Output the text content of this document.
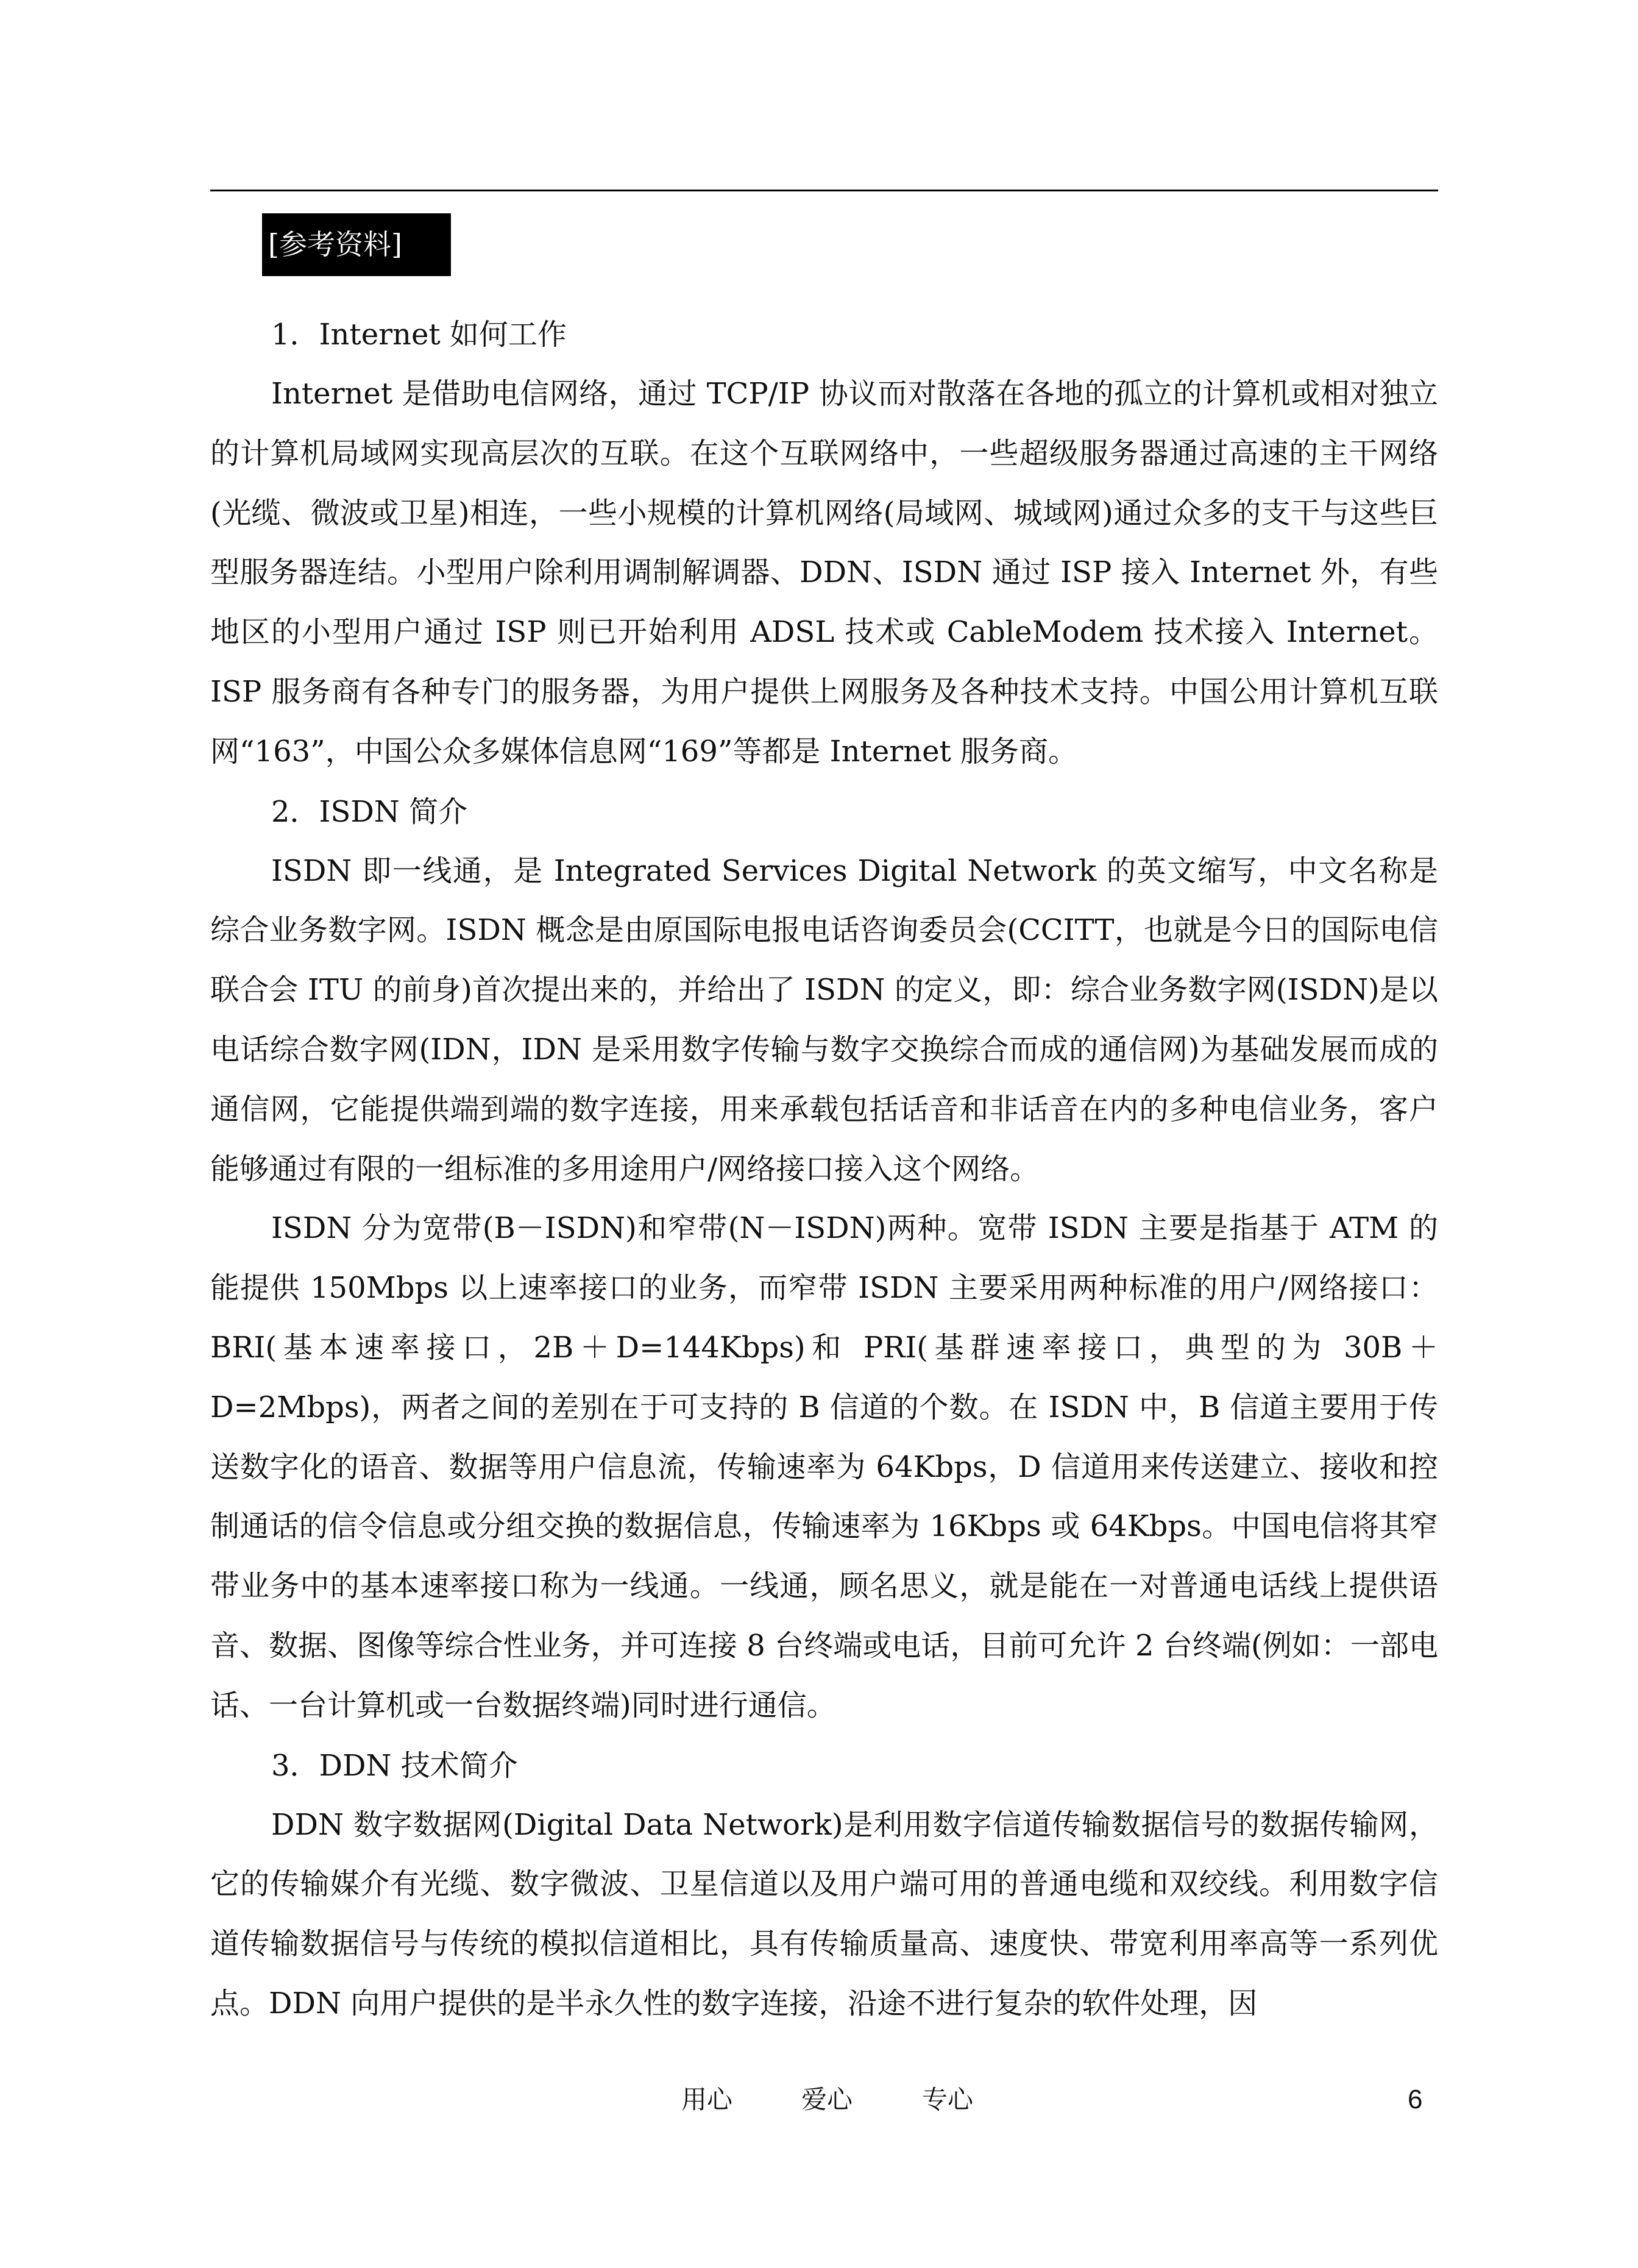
[参考资料]

1．Internet 如何工作

Internet 是借助电信网络，通过 TCP/IP 协议而对散落在各地的孤立的计算机或相对独立的计算机局域网实现高层次的互联。在这个互联网络中，一些超级服务器通过高速的主干网络(光缆、微波或卫星)相连，一些小规模的计算机网络(局域网、城域网)通过众多的支干与这些巨型服务器连结。小型用户除利用调制解调器、DDN、ISDN 通过 ISP 接入 Internet 外，有些地区的小型用户通过 ISP 则已开始利用 ADSL 技术或 CableModem 技术接入 Internet。ISP 服务商有各种专门的服务器，为用户提供上网服务及各种技术支持。中国公用计算机互联网“163”，中国公众多媒体信息网“169”等都是 Internet 服务商。

2．ISDN 简介

ISDN 即一线通，是 Integrated Services Digital Network 的英文缩写，中文名称是综合业务数字网。ISDN 概念是由原国际电报电话咨询委员会(CCITT，也就是今日的国际电信联合会 ITU 的前身)首次提出来的，并给出了 ISDN 的定义，即：综合业务数字网(ISDN)是以电话综合数字网(IDN，IDN 是采用数字传输与数字交换综合而成的通信网)为基础发展而成的通信网，它能提供端到端的数字连接，用来承载包括话音和非话音在内的多种电信业务，客户能够通过有限的一组标准的多用途用户/网络接口接入这个网络。

ISDN 分为宽带(B－ISDN)和窄带(N－ISDN)两种。宽带 ISDN 主要是指基于 ATM 的能提供 150Mbps 以上速率接口的业务，而窄带 ISDN 主要采用两种标准的用户/网络接口：BRI(基本速率接口，2B＋D=144Kbps)和 PRI(基群速率接口，典型的为 30B＋D=2Mbps)，两者之间的差别在于可支持的 B 信道的个数。在 ISDN 中，B 信道主要用于传送数字化的语音、数据等用户信息流，传输速率为 64Kbps，D 信道用来传送建立、接收和控制通话的信令信息或分组交换的数据信息，传输速率为 16Kbps 或 64Kbps。中国电信将其窄带业务中的基本速率接口称为一线通。一线通，顾名思义，就是能在一对普通电话线上提供语音、数据、图像等综合性业务，并可连接 8 台终端或电话，目前可允许 2 台终端(例如：一部电话、一台计算机或一台数据终端)同时进行通信。

3．DDN 技术简介

DDN 数字数据网(Digital Data Network)是利用数字信道传输数据信号的数据传输网，它的传输媒介有光缆、数字微波、卫星信道以及用户端可用的普通电缆和双绞线。利用数字信道传输数据信号与传统的模拟信道相比，具有传输质量高、速度快、带宽利用率高等一系列优点。DDN 向用户提供的是半永久性的数字连接，沿途不进行复杂的软件处理，因

用心	爱心	专心	6
